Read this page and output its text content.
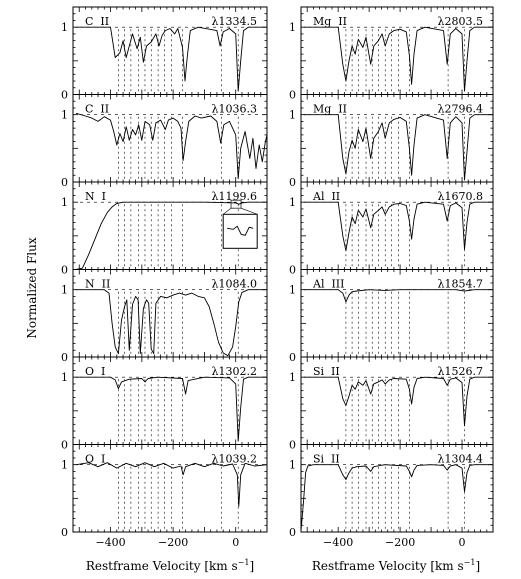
Normalized Flux
Restframe Velocity [km $s^{-1}$]	Restframe Velocity [km $s^{-1}$]
0
1 C  II	λ1334.5
0
1 C  II	λ1036.3
0
1 N  I	λ1199.6
0
1 N  II	λ1084.0
0
1 O  I	λ1302.2
0
1
−400	−200	0
O  I	λ1039.2
0
1 Mg  II	λ2803.5
0
1 Mg  II	λ2796.4
0
1 Al  II	λ1670.8
0
1 Al  III	λ1854.7
0
1 Si  II	λ1526.7
0
1
−400	−200	0
Si  II	λ1304.4
